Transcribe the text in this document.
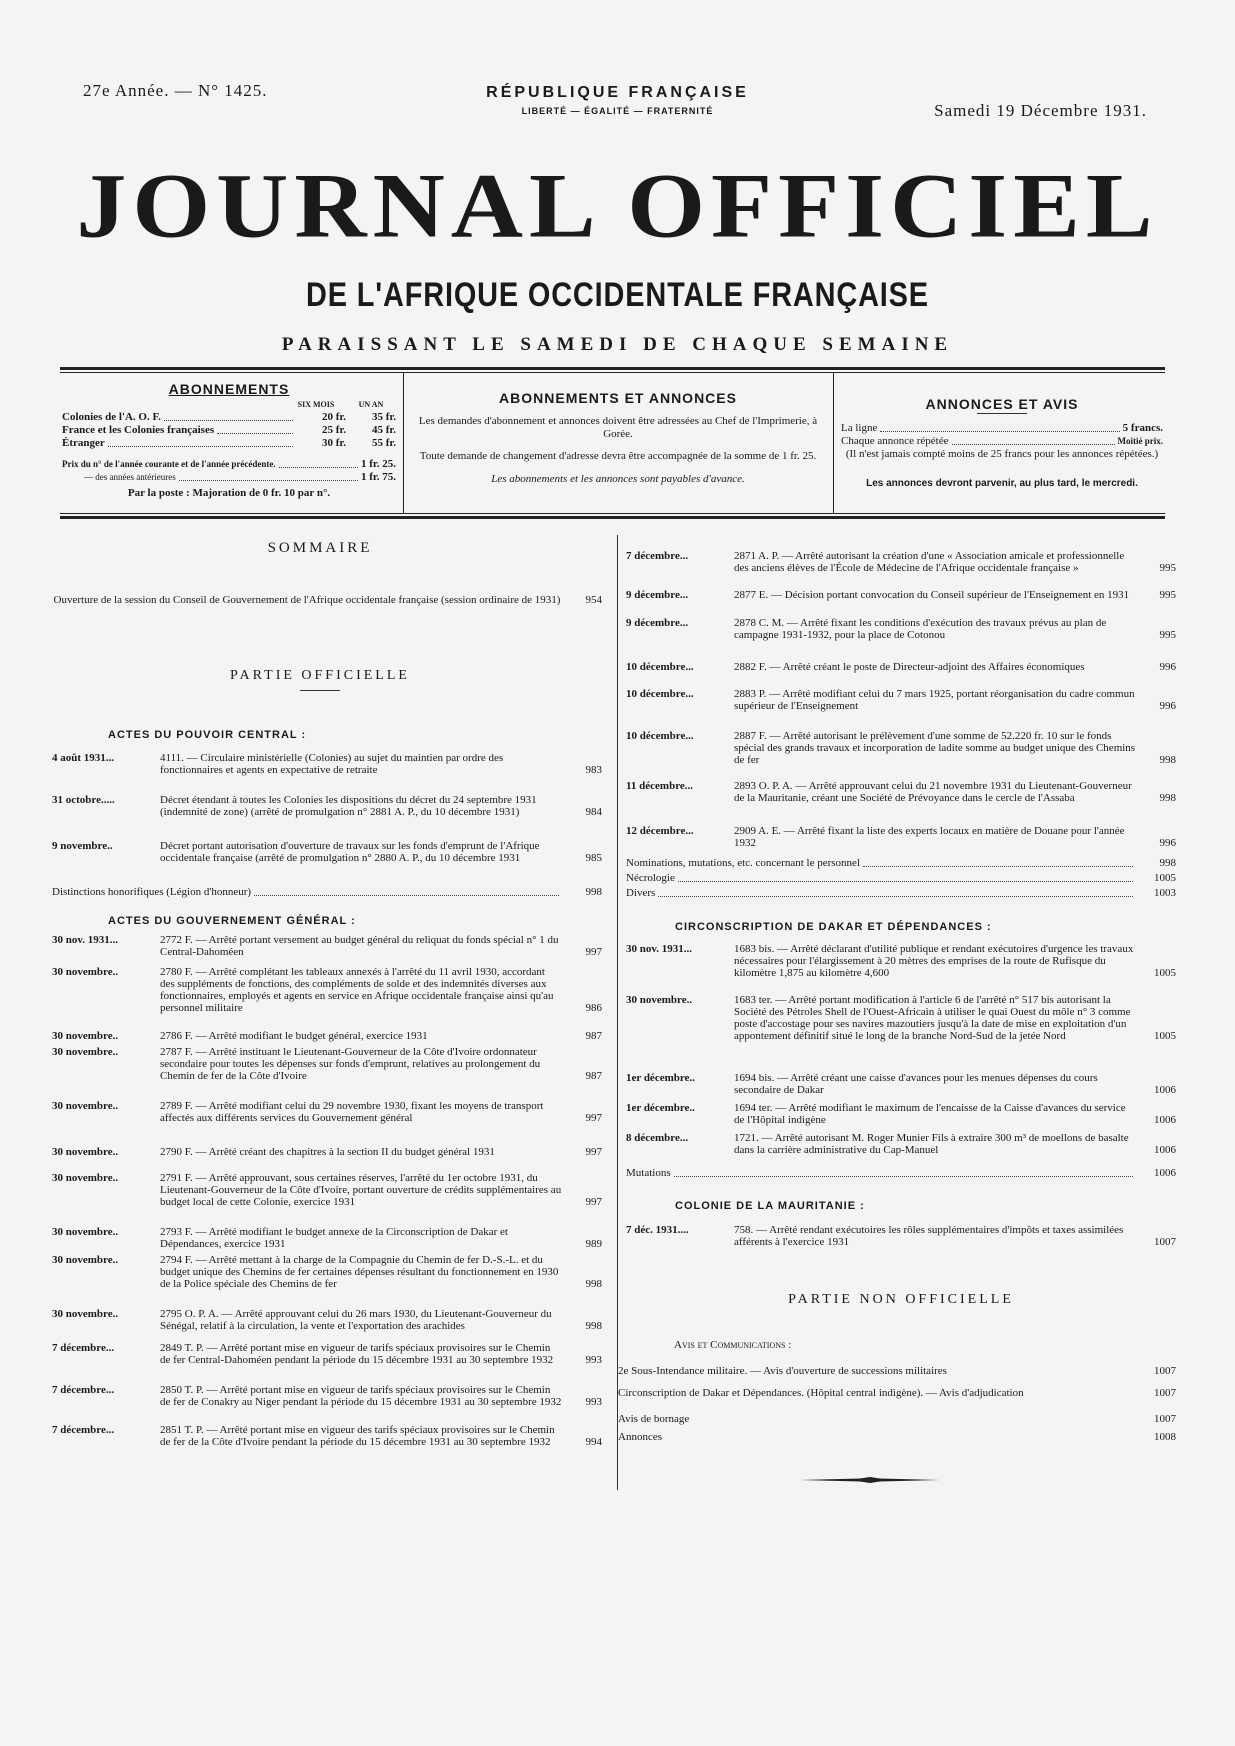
27e Année. — N° 1425.	RÉPUBLIQUE FRANÇAISE
LIBERTÉ — ÉGALITÉ — FRATERNITÉ	Samedi 19 Décembre 1931.
JOURNAL OFFICIEL
DE L'AFRIQUE OCCIDENTALE FRANÇAISE
PARAISSANT LE SAMEDI DE CHAQUE SEMAINE
ABONNEMENTS
SIX MOIS	UN AN
Colonies de l'A. O. F.	20 fr.	35 fr.
France et les Colonies françaises	25 fr.	45 fr.
Étranger	30 fr.	55 fr.
Prix du n° de l'année courante et de l'année précédente.	1 fr. 25.
— des années antérieures	1 fr. 75.
Par la poste : Majoration de 0 fr. 10 par n°.
ABONNEMENTS ET ANNONCES
Les demandes d'abonnement et annonces doivent être adressées au Chef de l'Imprimerie, à Gorée.
Toute demande de changement d'adresse devra être accompagnée de la somme de 1 fr. 25.
Les abonnements et les annonces sont payables d'avance.
ANNONCES ET AVIS
La ligne	5 francs.
Chaque annonce répétée	Moitié prix.
(Il n'est jamais compté moins de 25 francs pour les annonces répétées.)
Les annonces devront parvenir, au plus tard, le mercredi.
SOMMAIRE
Ouverture de la session du Conseil de Gouvernement de l'Afrique occidentale française (session ordinaire de 1931)	954
PARTIE OFFICIELLE
ACTES DU POUVOIR CENTRAL :
4 août 1931...	4111. — Circulaire ministérielle (Colonies) au sujet du maintien par ordre des fonctionnaires et agents en expectative de retraite	983
31 octobre.....	Décret étendant à toutes les Colonies les dispositions du décret du 24 septembre 1931 (indemnité de zone) (arrêté de promulgation n° 2881 A. P., du 10 décembre 1931)	984
9 novembre..	Décret portant autorisation d'ouverture de travaux sur les fonds d'emprunt de l'Afrique occidentale française (arrêté de promulgation n° 2880 A. P., du 10 décembre 1931	985
Distinctions honorifiques (Légion d'honneur)	998
ACTES DU GOUVERNEMENT GÉNÉRAL :
30 nov. 1931...	2772 F. — Arrêté portant versement au budget général du reliquat du fonds spécial n° 1 du Central-Dahoméen	997
30 novembre..	2780 F. — Arrêté complétant les tableaux annexés à l'arrêté du 11 avril 1930, accordant des suppléments de fonctions, des compléments de solde et des indemnités diverses aux fonctionnaires, employés et agents en service en Afrique occidentale française ainsi qu'au personnel militaire	986
30 novembre..	2786 F. — Arrêté modifiant le budget général, exercice 1931	987
30 novembre..	2787 F. — Arrêté instituant le Lieutenant-Gouverneur de la Côte d'Ivoire ordonnateur secondaire pour toutes les dépenses sur fonds d'emprunt, relatives au prolongement du Chemin de fer de la Côte d'Ivoire	987
30 novembre..	2789 F. — Arrêté modifiant celui du 29 novembre 1930, fixant les moyens de transport affectés aux différents services du Gouvernement général	997
30 novembre..	2790 F. — Arrêté créant des chapitres à la section II du budget général 1931	997
30 novembre..	2791 F. — Arrêté approuvant, sous certaines réserves, l'arrêté du 1er octobre 1931, du Lieutenant-Gouverneur de la Côte d'Ivoire, portant ouverture de crédits supplémentaires au budget local de cette Colonie, exercice 1931	997
30 novembre..	2793 F. — Arrêté modifiant le budget annexe de la Circonscription de Dakar et Dépendances, exercice 1931	989
30 novembre..	2794 F. — Arrêté mettant à la charge de la Compagnie du Chemin de fer D.-S.-L. et du budget unique des Chemins de fer certaines dépenses résultant du fonctionnement en 1930 de la Police spéciale des Chemins de fer	998
30 novembre..	2795 O. P. A. — Arrêté approuvant celui du 26 mars 1930, du Lieutenant-Gouverneur du Sénégal, relatif à la circulation, la vente et l'exportation des arachides	998
7 décembre...	2849 T. P. — Arrêté portant mise en vigueur de tarifs spéciaux provisoires sur le Chemin de fer Central-Dahoméen pendant la période du 15 décembre 1931 au 30 septembre 1932	993
7 décembre...	2850 T. P. — Arrêté portant mise en vigueur de tarifs spéciaux provisoires sur le Chemin de fer de Conakry au Niger pendant la période du 15 décembre 1931 au 30 septembre 1932	993
7 décembre...	2851 T. P. — Arrêté portant mise en vigueur des tarifs spéciaux provisoires sur le Chemin de fer de la Côte d'Ivoire pendant la période du 15 décembre 1931 au 30 septembre 1932	994
7 décembre...	2871 A. P. — Arrêté autorisant la création d'une « Association amicale et professionnelle des anciens élèves de l'École de Médecine de l'Afrique occidentale française »	995
9 décembre...	2877 E. — Décision portant convocation du Conseil supérieur de l'Enseignement en 1931	995
9 décembre...	2878 C. M. — Arrêté fixant les conditions d'exécution des travaux prévus au plan de campagne 1931-1932, pour la place de Cotonou	995
10 décembre...	2882 F. — Arrêté créant le poste de Directeur-adjoint des Affaires économiques	996
10 décembre...	2883 P. — Arrêté modifiant celui du 7 mars 1925, portant réorganisation du cadre commun supérieur de l'Enseignement	996
10 décembre...	2887 F. — Arrêté autorisant le prélèvement d'une somme de 52.220 fr. 10 sur le fonds spécial des grands travaux et incorporation de ladite somme au budget unique des Chemins de fer	998
11 décembre...	2893 O. P. A. — Arrêté approuvant celui du 21 novembre 1931 du Lieutenant-Gouverneur de la Mauritanie, créant une Société de Prévoyance dans le cercle de l'Assaba	998
12 décembre...	2909 A. E. — Arrêté fixant la liste des experts locaux en matière de Douane pour l'année 1932	996
Nominations, mutations, etc. concernant le personnel	998
Nécrologie	1005
Divers	1003
CIRCONSCRIPTION DE DAKAR ET DÉPENDANCES :
30 nov. 1931...	1683 bis. — Arrêté déclarant d'utilité publique et rendant exécutoires d'urgence les travaux nécessaires pour l'élargissement à 20 mètres des emprises de la route de Rufisque du kilomètre 1,875 au kilomètre 4,600	1005
30 novembre..	1683 ter. — Arrêté portant modification à l'article 6 de l'arrêté n° 517 bis autorisant la Société des Pétroles Shell de l'Ouest-Africain à utiliser le quai Ouest du môle n° 3 comme poste d'accostage pour ses navires mazoutiers jusqu'à la date de mise en exploitation d'un appontement définitif situé le long de la branche Nord-Sud de la jetée Nord	1005
1er décembre..	1694 bis. — Arrêté créant une caisse d'avances pour les menues dépenses du cours secondaire de Dakar	1006
1er décembre..	1694 ter. — Arrêté modifiant le maximum de l'encaisse de la Caisse d'avances du service de l'Hôpital indigène	1006
8 décembre...	1721. — Arrêté autorisant M. Roger Munier Fils à extraire 300 m³ de moellons de basalte dans la carrière administrative du Cap-Manuel	1006
Mutations	1006
COLONIE DE LA MAURITANIE :
7 déc. 1931....	758. — Arrêté rendant exécutoires les rôles supplémentaires d'impôts et taxes assimilées afférents à l'exercice 1931	1007
PARTIE NON OFFICIELLE
Avis et Communications :
2e Sous-Intendance militaire. — Avis d'ouverture de successions militaires	1007
Circonscription de Dakar et Dépendances. (Hôpital central indigène). — Avis d'adjudication	1007
Avis de bornage	1007
Annonces	1008
